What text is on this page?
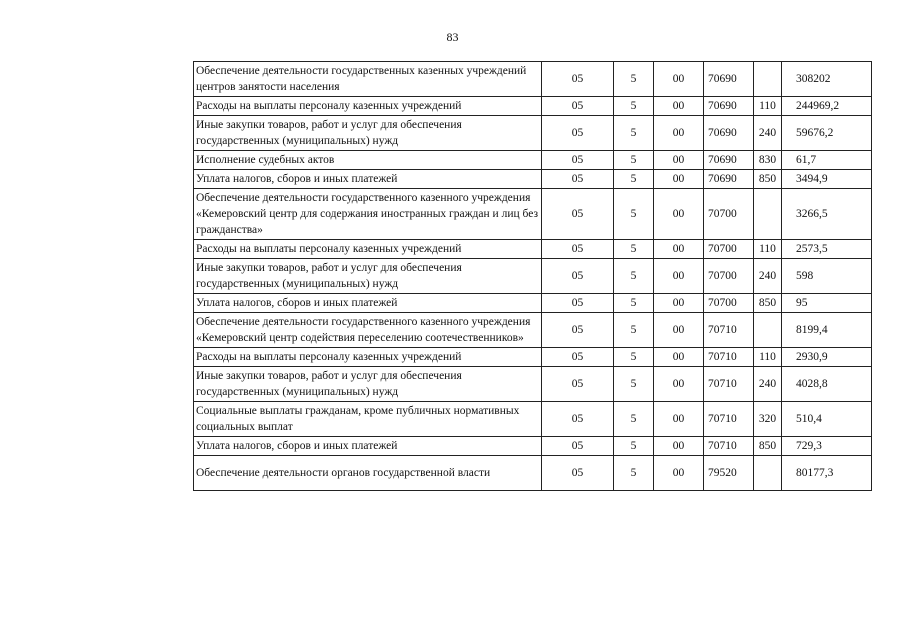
83
Обеспечение деятельности государственных казенных учреждений центров занятости населения	05	5	00	70690		308202
Расходы на выплаты персоналу казенных учреждений	05	5	00	70690	110	244969,2
Иные закупки товаров, работ и услуг для обеспечения государственных (муниципальных) нужд	05	5	00	70690	240	59676,2
Исполнение судебных актов	05	5	00	70690	830	61,7
Уплата налогов, сборов и иных платежей	05	5	00	70690	850	3494,9
Обеспечение деятельности государственного казенного учреждения «Кемеровский центр для содержания иностранных граждан и лиц без гражданства»	05	5	00	70700		3266,5
Расходы на выплаты персоналу казенных учреждений	05	5	00	70700	110	2573,5
Иные закупки товаров, работ и услуг для обеспечения государственных (муниципальных) нужд	05	5	00	70700	240	598
Уплата налогов, сборов и иных платежей	05	5	00	70700	850	95
Обеспечение деятельности государственного казенного учреждения «Кемеровский центр содействия переселению соотечественников»	05	5	00	70710		8199,4
Расходы на выплаты персоналу казенных учреждений	05	5	00	70710	110	2930,9
Иные закупки товаров, работ и услуг для обеспечения государственных (муниципальных) нужд	05	5	00	70710	240	4028,8
Социальные выплаты гражданам, кроме публичных нормативных социальных выплат	05	5	00	70710	320	510,4
Уплата налогов, сборов и иных платежей	05	5	00	70710	850	729,3
Обеспечение деятельности органов государственной власти	05	5	00	79520		80177,3
